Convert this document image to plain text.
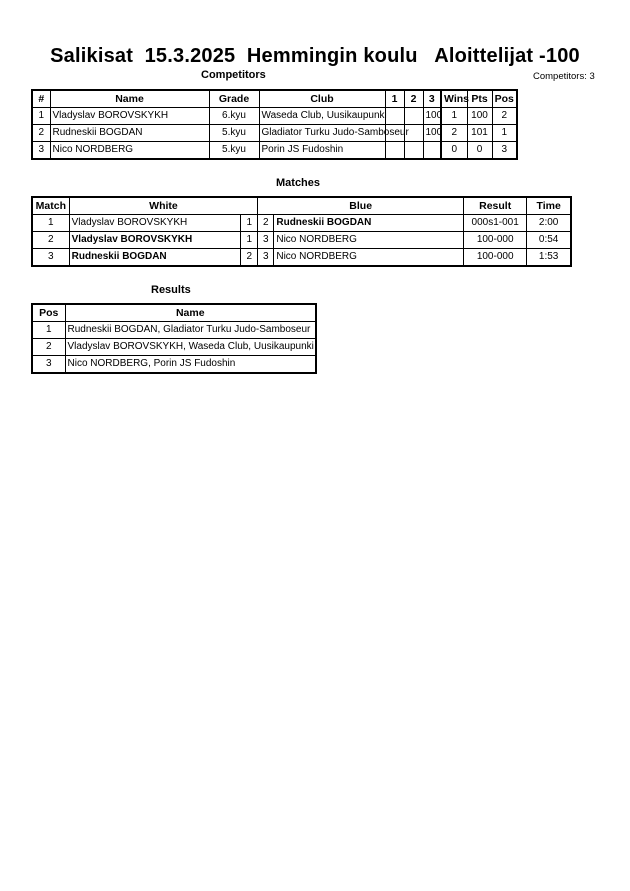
Salikisat  15.3.2025  Hemmingin koulu   Aloittelijat -100
Competitors	Competitors: 3
#	Name	Grade	Club	1	2	3	Wins	Pts	Pos
1	Vladyslav BOROVSKYKH	6.kyu	Waseda Club, Uusikaupunki			100	1	100	2
2	Rudneskii BOGDAN	5.kyu	Gladiator Turku Judo-Samboseur			100	2	101	1
3	Nico NORDBERG	5.kyu	Porin JS Fudoshin				0	0	3
Matches
Match	White		Blue		Result	Time
1	Vladyslav BOROVSKYKH	1	2	Rudneskii BOGDAN	000s1-001	2:00
2	Vladyslav BOROVSKYKH	1	3	Nico NORDBERG	100-000	0:54
3	Rudneskii BOGDAN	2	3	Nico NORDBERG	100-000	1:53
Results
Pos	Name
1	Rudneskii BOGDAN, Gladiator Turku Judo-Samboseur
2	Vladyslav BOROVSKYKH, Waseda Club, Uusikaupunki
3	Nico NORDBERG, Porin JS Fudoshin
